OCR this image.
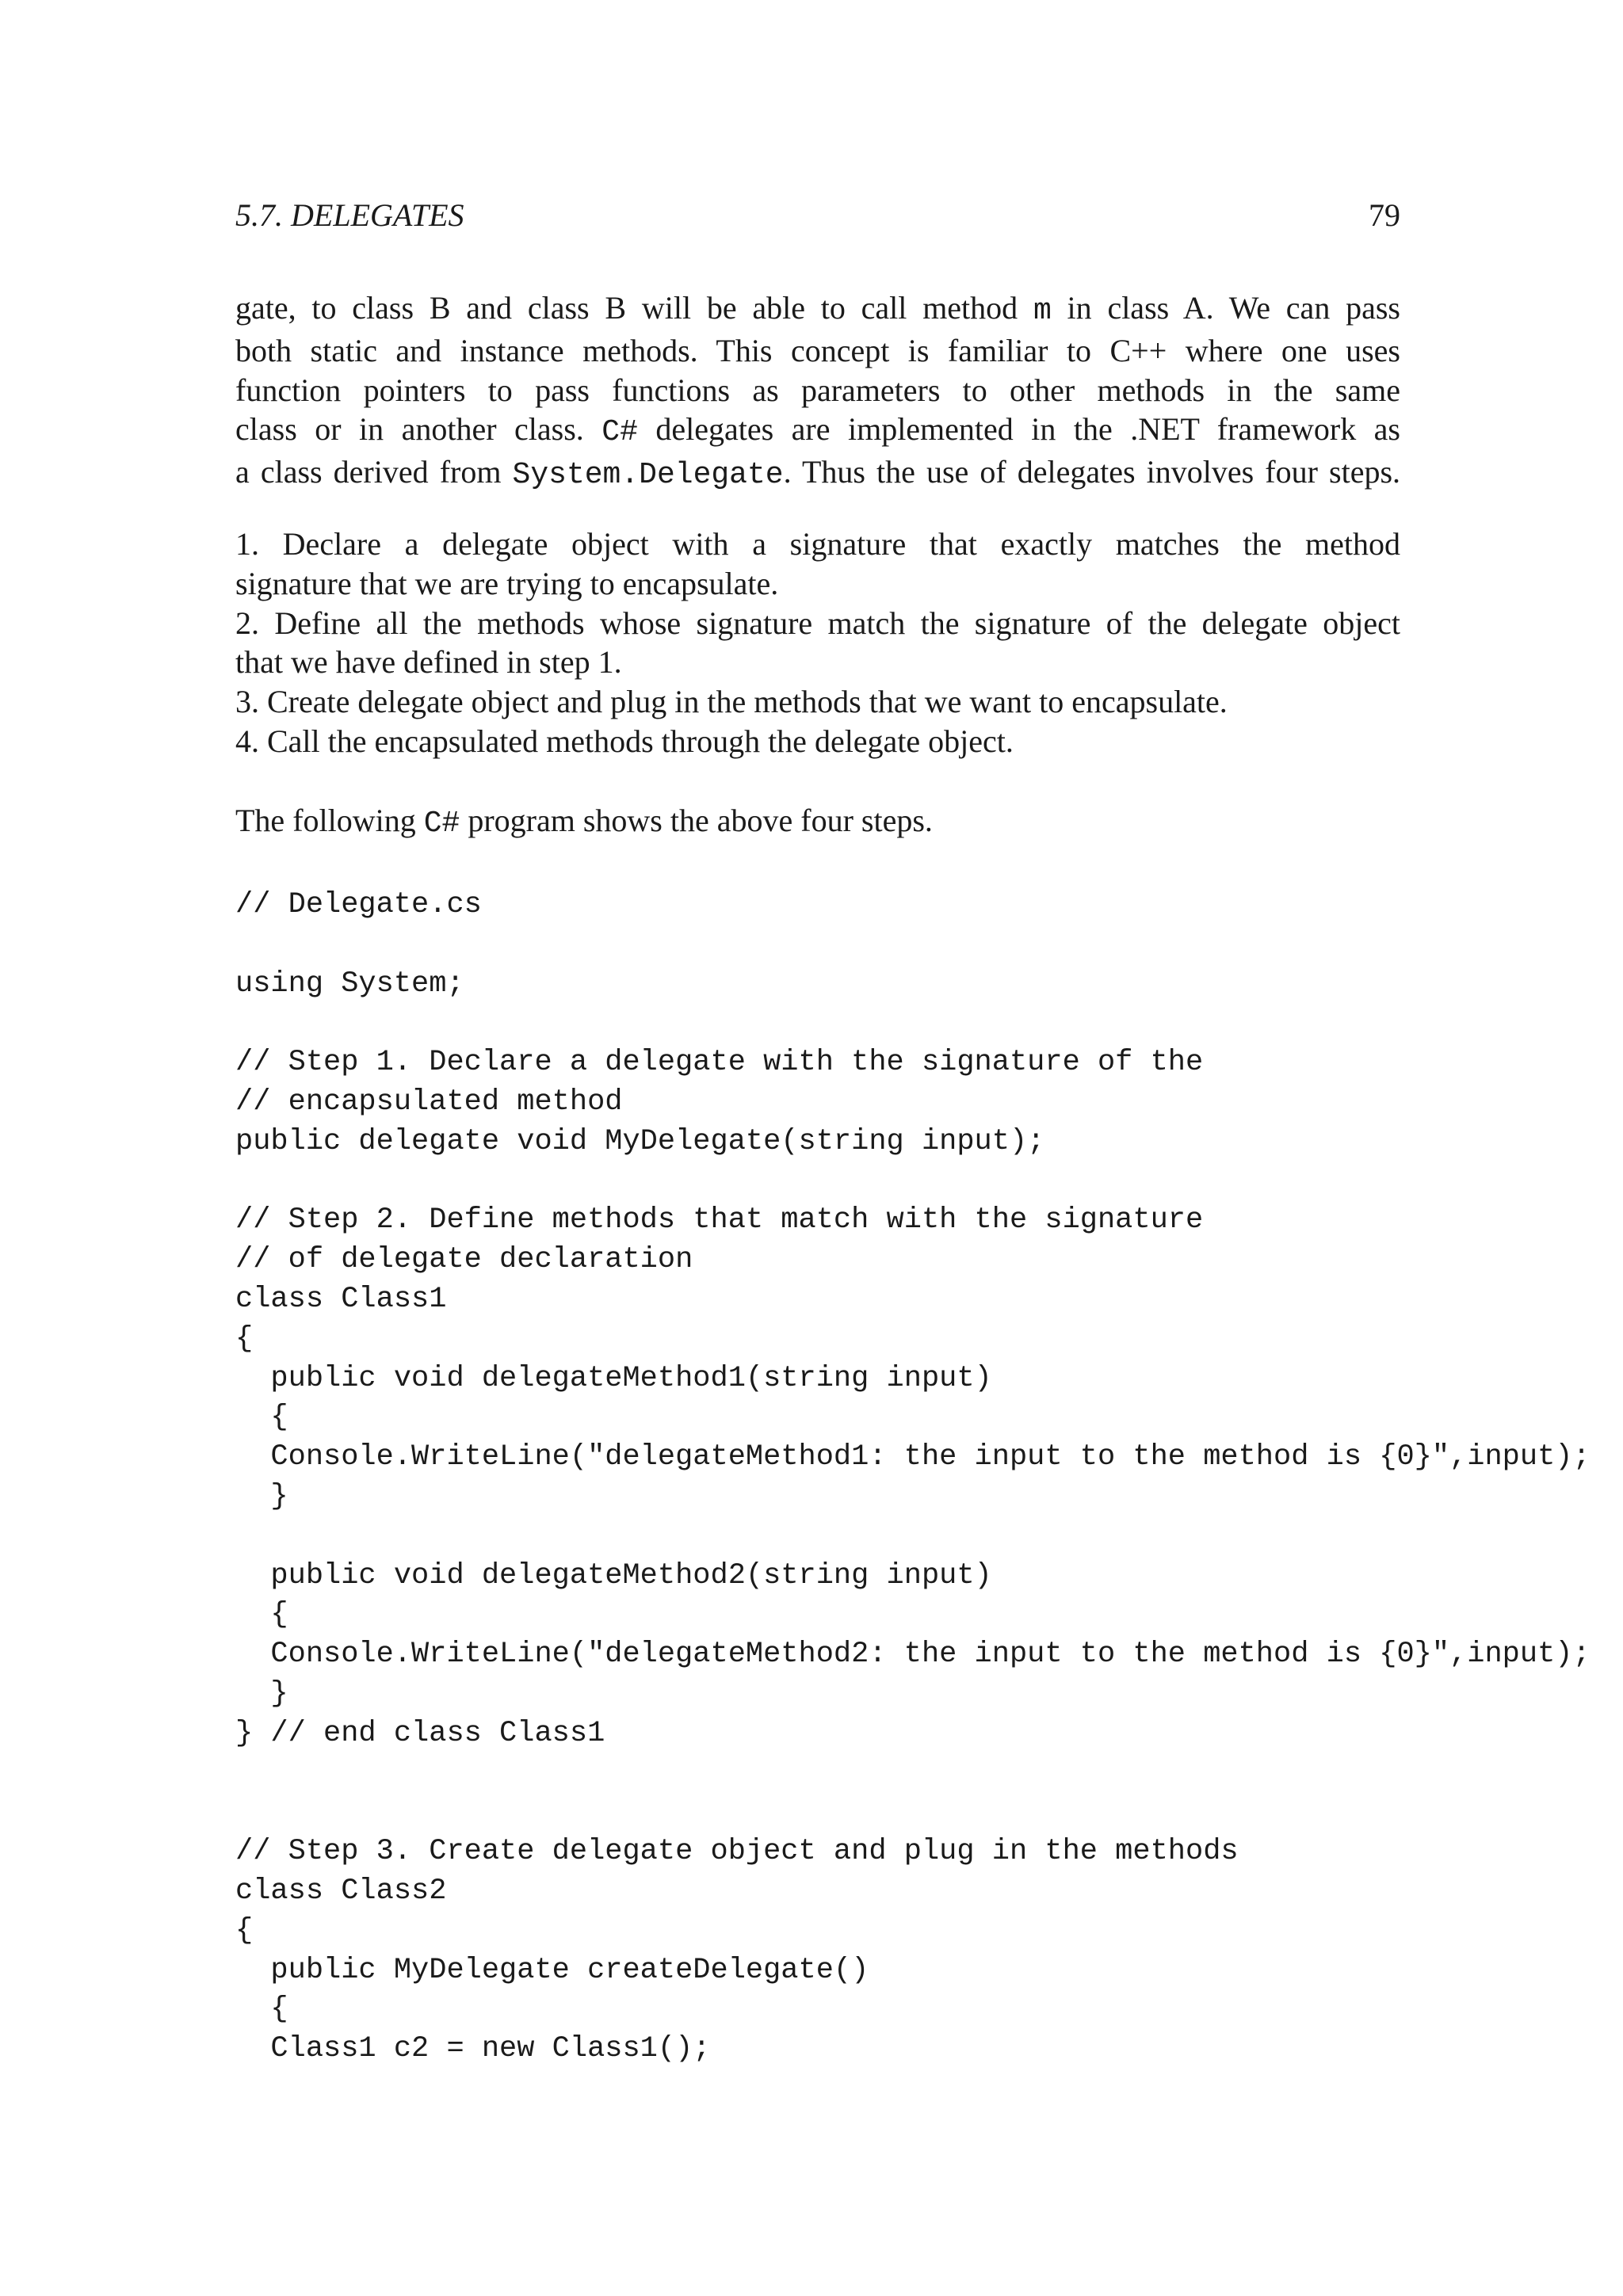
5.7. DELEGATES	79
gate, to class B and class B will be able to call method m in class A. We can pass
both static and instance methods. This concept is familiar to C++ where one uses
function pointers to pass functions as parameters to other methods in the same
class or in another class. C# delegates are implemented in the .NET framework as
a class derived from System.Delegate. Thus the use of delegates involves four steps.
1. Declare a delegate object with a signature that exactly matches the method
signature that we are trying to encapsulate.
2. Define all the methods whose signature match the signature of the delegate object
that we have defined in step 1.
3. Create delegate object and plug in the methods that we want to encapsulate.
4. Call the encapsulated methods through the delegate object.
The following C# program shows the above four steps.
// Delegate.cs
using System;
// Step 1. Declare a delegate with the signature of the
// encapsulated method
public delegate void MyDelegate(string input);
// Step 2. Define methods that match with the signature
// of delegate declaration
class Class1
{
public void delegateMethod1(string input)
{
Console.WriteLine("delegateMethod1: the input to the method is {0}",input);
}
public void delegateMethod2(string input)
{
Console.WriteLine("delegateMethod2: the input to the method is {0}",input);
}
} // end class Class1
// Step 3. Create delegate object and plug in the methods
class Class2
{
public MyDelegate createDelegate()
{
Class1 c2 = new Class1();
